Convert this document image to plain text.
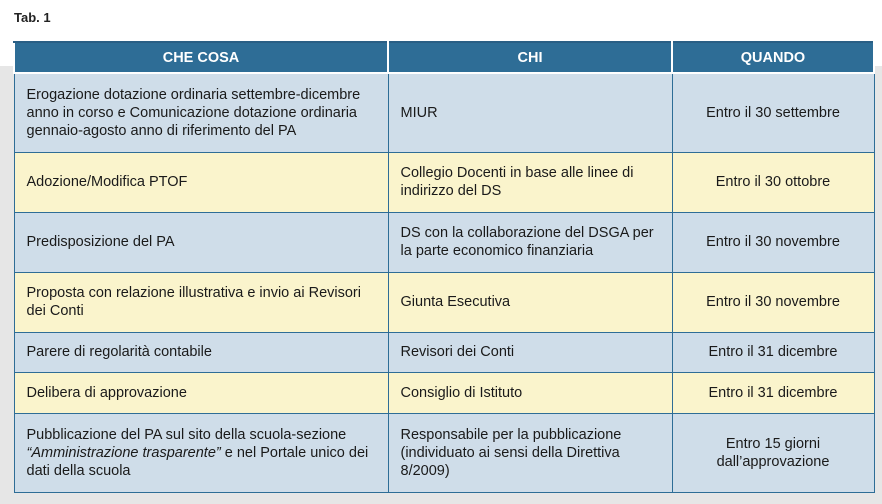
Tab. 1
CHE COSA	CHI	QUANDO
Erogazione dotazione ordinaria settembre-dicembre anno in corso e Comunicazione dotazione ordinaria gennaio-agosto anno di riferimento del PA	MIUR	Entro il 30 settembre
Adozione/Modifica PTOF	Collegio Docenti in base alle linee di indirizzo del DS	Entro il 30 ottobre
Predisposizione del PA	DS con la collaborazione del DSGA per la parte economico finanziaria	Entro il 30 novembre
Proposta con relazione illustrativa e invio ai Revisori dei Conti	Giunta Esecutiva	Entro il 30 novembre
Parere di regolarità contabile	Revisori dei Conti	Entro il 31 dicembre
Delibera di approvazione	Consiglio di Istituto	Entro il 31 dicembre
Pubblicazione del PA sul sito della scuola-sezione “Amministrazione trasparente” e nel Portale unico dei dati della scuola	Responsabile per la pubblicazione (individuato ai sensi della Direttiva 8/2009)	Entro 15 giorni dall’approvazione
